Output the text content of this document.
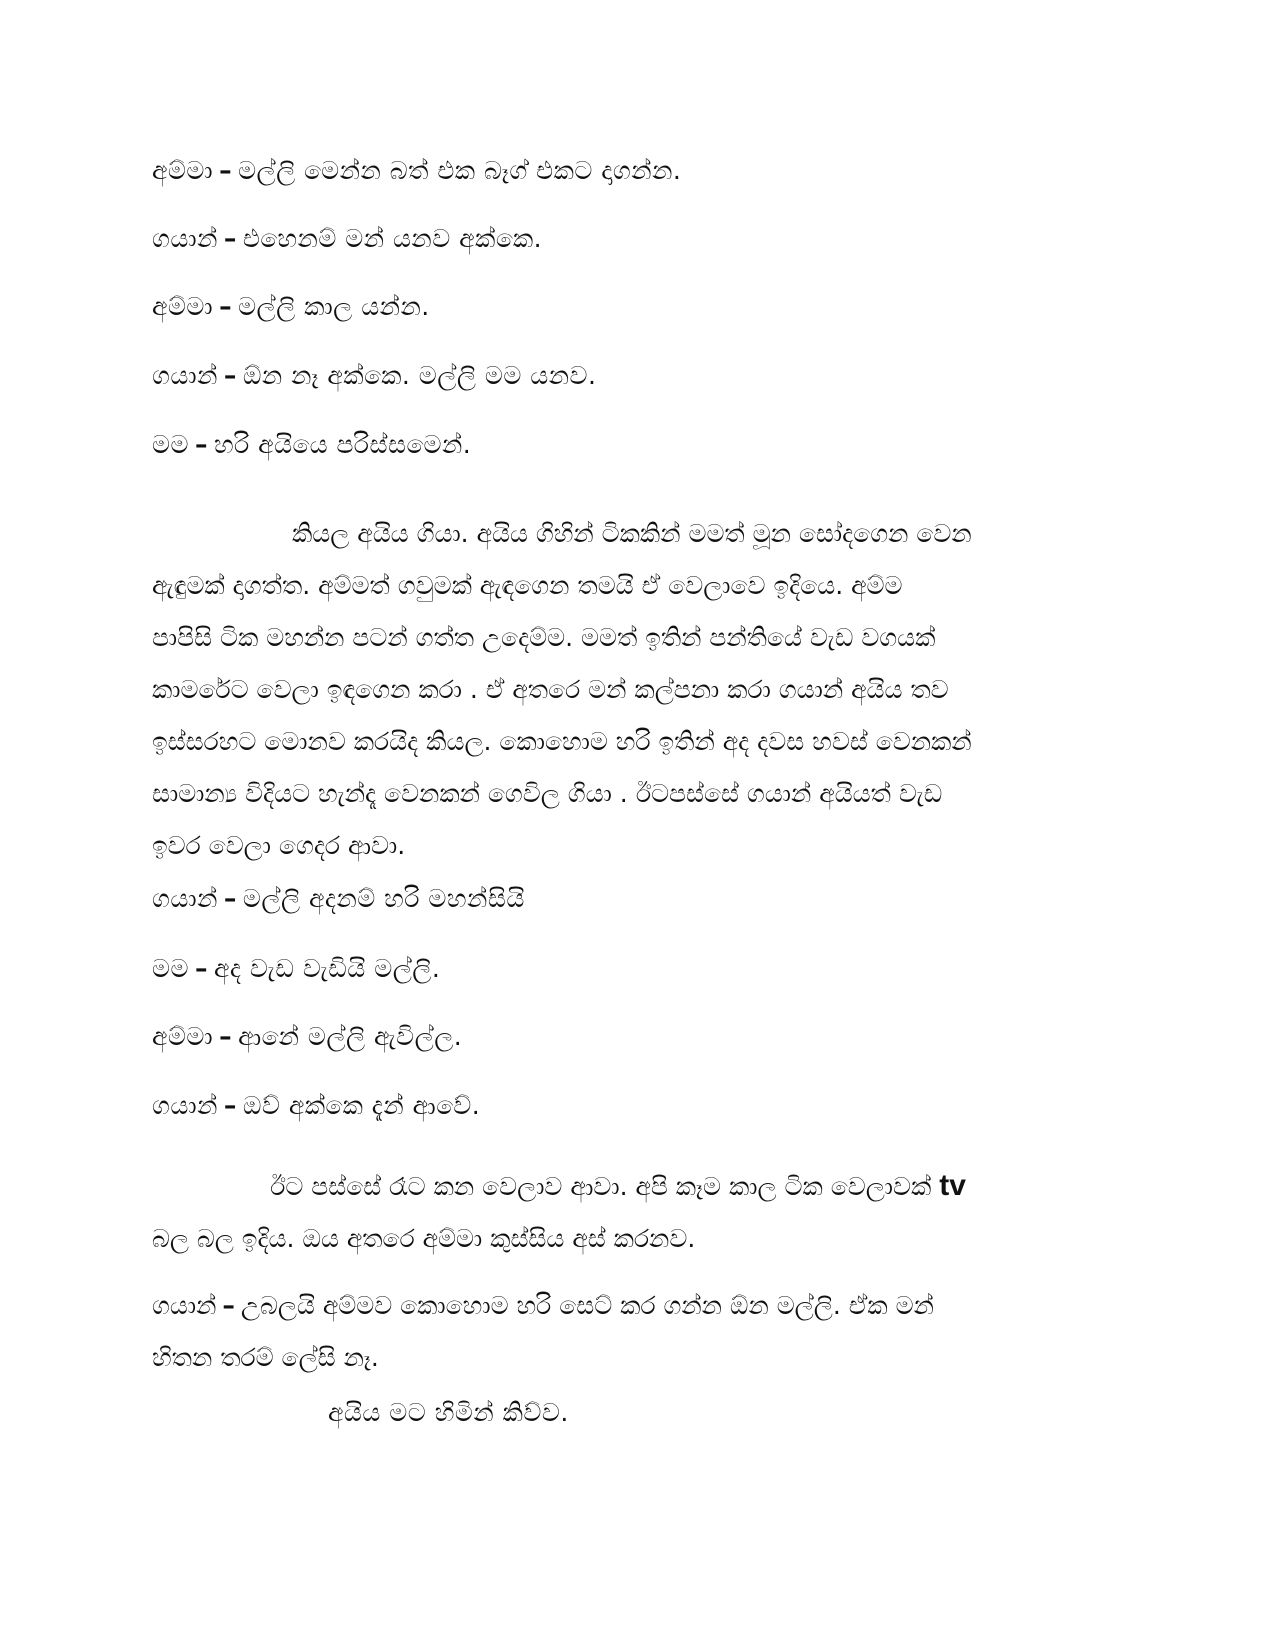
අම්මා – මල්ලි මෙන්න බත් එක බෑග් එකට දාගන්න.
ගයාන් – එහෙනම් මන් යනව අක්කෙ.
අම්මා – මල්ලි කාල යන්න.
ගයාන් – ඕන නෑ අක්කෙ. මල්ලි මම යනව.
මම – හරි අයියෙ පරිස්සමෙන්.
කියල අයිය ගියා. අයිය ගිහින් ටිකකින් මමත් මූන සෝදගෙන වෙන
ඇඳුමක් දාගත්ත. අම්මත් ගවුමක් ඇඳගෙන තමයි ඒ වෙලාවෙ ඉදියෙ. අම්ම
පාපිසි ටික මහන්න පටන් ගත්ත උදෙම්ම. මමත් ඉතින් පන්තියේ වැඩ වගයක්
කාමරේට වෙලා ඉඳගෙන කරා . ඒ අතරෙ මන් කල්පනා කරා ගයාන් අයිය තව
ඉස්සරහට මොනව කරයිද කියල. කොහොම හරි ඉතින් අද දවස හවස් වෙනකන්
සාමාන්‍ය විදියට හැන්දෑ වෙනකන් ගෙවිල ගියා . ඊටපස්සේ ගයාන් අයියත් වැඩ
ඉවර වෙලා ගෙදර ආවා.
ගයාන් – මල්ලි අදනම් හරි මහන්සියි
මම – අද වැඩ වැඩියි මල්ලි.
අම්මා – ආනේ මල්ලි ඇවිල්ල.
ගයාන් – ඔව් අක්කෙ දැන් ආවේ.
ඊට පස්සේ රෑට කන වෙලාව ආවා. අපි කෑම කාල ටික වෙලාවක් tv
බල බල ඉදිය. ඔය අතරෙ අම්මා කුස්සිය අස් කරනව.
ගයාන් – උබලයි අම්මව කොහොම හරි සෙට් කර ගන්න ඕන මල්ලි. ඒක මන්
හිතන තරම් ලේසි නෑ.
අයිය මට හිමින් කිව්ව.
